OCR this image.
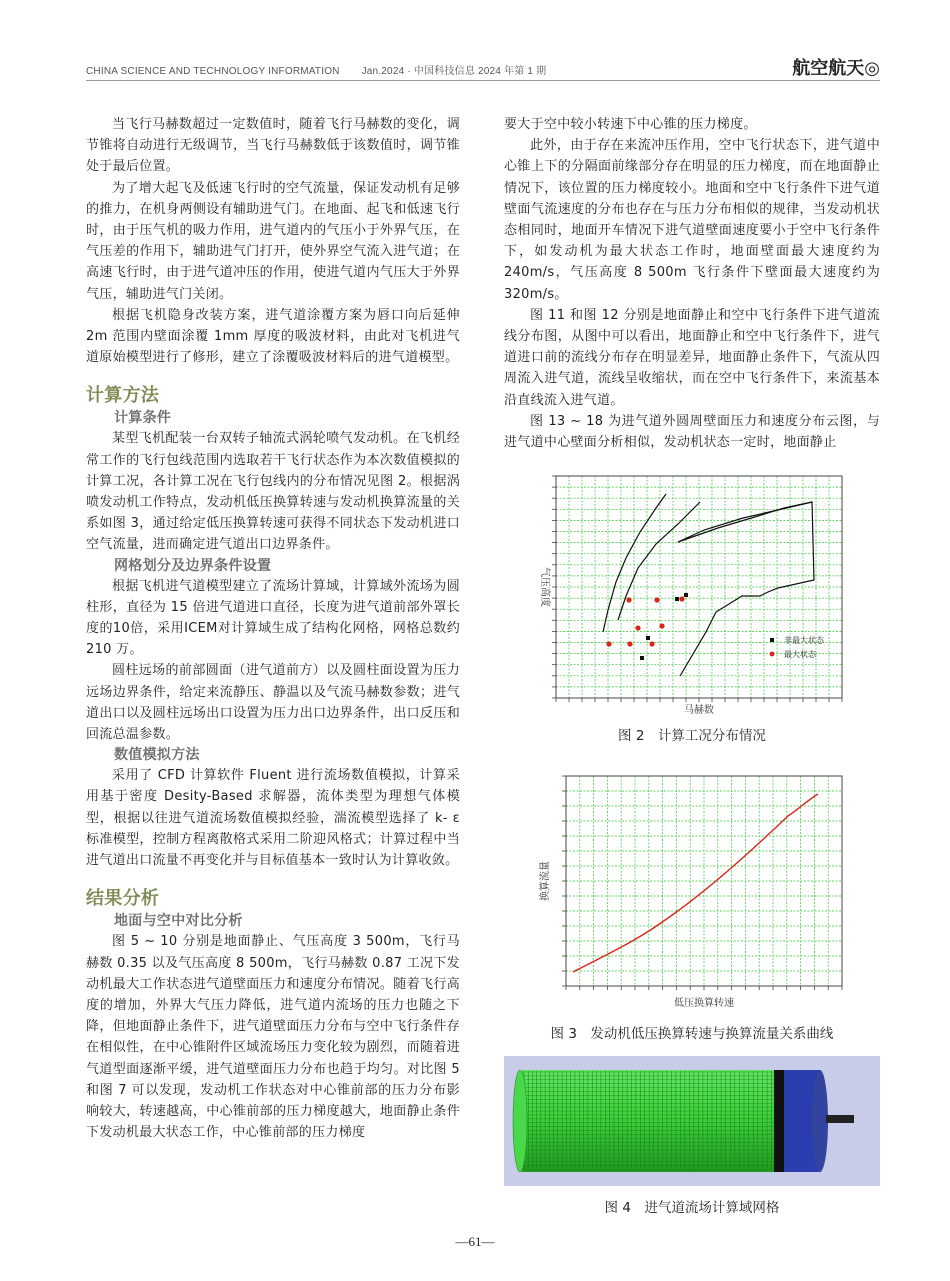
CHINA SCIENCE AND TECHNOLOGY INFORMATION Jan.2024 · 中国科技信息 2024 年第 1 期	航空航天◎

当飞行马赫数超过一定数值时，随着飞行马赫数的变化，调节锥将自动进行无级调节，当飞行马赫数低于该数值时，调节锥处于最后位置。

为了增大起飞及低速飞行时的空气流量，保证发动机有足够的推力，在机身两侧设有辅助进气门。在地面、起飞和低速飞行时，由于压气机的吸力作用，进气道内的气压小于外界气压，在气压差的作用下，辅助进气门打开，使外界空气流入进气道；在高速飞行时，由于进气道冲压的作用，使进气道内气压大于外界气压，辅助进气门关闭。

根据飞机隐身改装方案，进气道涂覆方案为唇口向后延伸 2m 范围内壁面涂覆 1mm 厚度的吸波材料，由此对飞机进气道原始模型进行了修形，建立了涂覆吸波材料后的进气道模型。

计算方法

计算条件

某型飞机配装一台双转子轴流式涡轮喷气发动机。在飞机经常工作的飞行包线范围内选取若干飞行状态作为本次数值模拟的计算工况，各计算工况在飞行包线内的分布情况见图 2。根据涡喷发动机工作特点，发动机低压换算转速与发动机换算流量的关系如图 3，通过给定低压换算转速可获得不同状态下发动机进口空气流量，进而确定进气道出口边界条件。

网格划分及边界条件设置

根据飞机进气道模型建立了流场计算域，计算域外流场为圆柱形，直径为 15 倍进气道进口直径，长度为进气道前部外罩长度的10倍，采用ICEM对计算域生成了结构化网格，网格总数约 210 万。

圆柱远场的前部圆面（进气道前方）以及圆柱面设置为压力远场边界条件，给定来流静压、静温以及气流马赫数参数；进气道出口以及圆柱远场出口设置为压力出口边界条件，出口反压和回流总温参数。

数值模拟方法

采用了 CFD 计算软件 Fluent 进行流场数值模拟，计算采用基于密度 Desity-Based 求解器，流体类型为理想气体模型，根据以往进气道流场数值模拟经验，湍流模型选择了 k- ε 标准模型，控制方程离散格式采用二阶迎风格式；计算过程中当进气道出口流量不再变化并与目标值基本一致时认为计算收敛。

结果分析

地面与空中对比分析

图 5 ~ 10 分别是地面静止、气压高度 3 500m，飞行马赫数 0.35 以及气压高度 8 500m，飞行马赫数 0.87 工况下发动机最大工作状态进气道壁面压力和速度分布情况。随着飞行高度的增加，外界大气压力降低，进气道内流场的压力也随之下降，但地面静止条件下，进气道壁面压力分布与空中飞行条件存在相似性，在中心锥附件区域流场压力变化较为剧烈，而随着进气道型面逐渐平缓，进气道壁面压力分布也趋于均匀。对比图 5 和图 7 可以发现，发动机工作状态对中心锥前部的压力分布影响较大，转速越高，中心锥前部的压力梯度越大，地面静止条件下发动机最大状态工作，中心锥前部的压力梯度

要大于空中较小转速下中心锥的压力梯度。

此外，由于存在来流冲压作用，空中飞行状态下，进气道中心锥上下的分隔面前缘部分存在明显的压力梯度，而在地面静止情况下，该位置的压力梯度较小。地面和空中飞行条件下进气道壁面气流速度的分布也存在与压力分布相似的规律，当发动机状态相同时，地面开车情况下进气道壁面速度要小于空中飞行条件下，如发动机为最大状态工作时，地面壁面最大速度约为 240m/s，气压高度 8 500m 飞行条件下壁面最大速度约为 320m/s。

图 11 和图 12 分别是地面静止和空中飞行条件下进气道流线分布图，从图中可以看出，地面静止和空中飞行条件下，进气道进口前的流线分布存在明显差异，地面静止条件下，气流从四周流入进气道，流线呈收缩状，而在空中飞行条件下，来流基本沿直线流入进气道。

图 13 ~ 18 为进气道外圆周壁面压力和速度分布云图，与进气道中心壁面分析相似，发动机状态一定时，地面静止

非最大状态
最大状态
气压高度
马赫数
图 2　计算工况分布情况
换算流量
低压换算转速
图 3　发动机低压换算转速与换算流量关系曲线
图 4　进气道流场计算域网格
—61—
